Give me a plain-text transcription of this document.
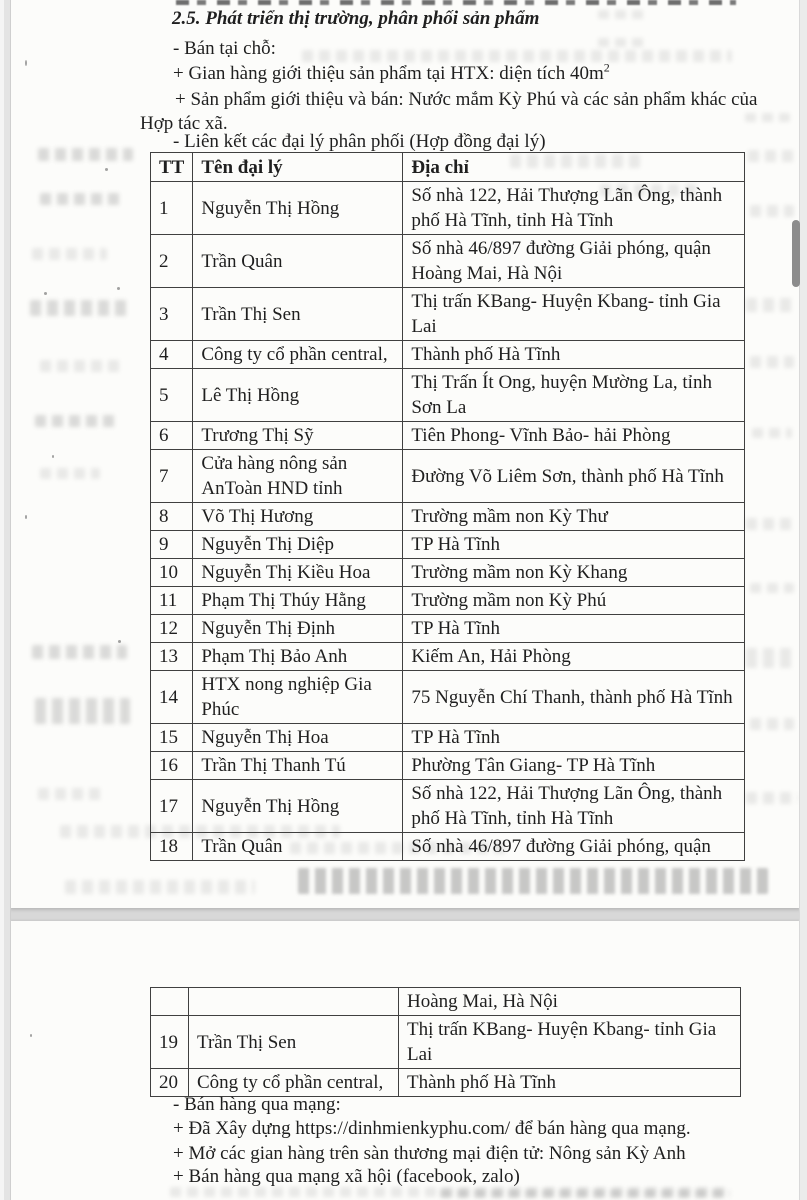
2.5. Phát triển thị trường, phân phối sản phẩm
- Bán tại chỗ:
+ Gian hàng giới thiệu sản phẩm tại HTX: diện tích $40m^2$

+ Sản phẩm giới thiệu và bán: Nước mắm Kỳ Phú và các sản phẩm khác của Hợp tác xã.

- Liên kết các đại lý phân phối (Hợp đồng đại lý)
TT	Tên đại lý	Địa chỉ
1	Nguyễn Thị Hồng	Số nhà 122, Hải Thượng Lãn Ông, thành phố Hà Tĩnh, tỉnh Hà Tĩnh
2	Trần Quân	Số nhà 46/897 đường Giải phóng, quận Hoàng Mai, Hà Nội
3	Trần Thị Sen	Thị trấn KBang- Huyện Kbang- tỉnh Gia Lai
4	Công ty cổ phần central,	Thành phố Hà Tĩnh
5	Lê Thị Hồng	Thị Trấn Ít Ong, huyện Mường La, tỉnh Sơn La
6	Trương Thị Sỹ	Tiên Phong- Vĩnh Bảo- hải Phòng
7	Cửa hàng nông sản AnToàn HND tỉnh	Đường Võ Liêm Sơn, thành phố Hà Tĩnh
8	Võ Thị Hương	Trường mầm non Kỳ Thư
9	Nguyễn Thị Diệp	TP Hà Tĩnh
10	Nguyễn Thị Kiều Hoa	Trường mầm non Kỳ Khang
11	Phạm Thị Thúy Hằng	Trường mầm non Kỳ Phú
12	Nguyễn Thị Định	TP Hà Tĩnh
13	Phạm Thị Bảo Anh	Kiếm An, Hải Phòng
14	HTX nong nghiệp Gia Phúc	75 Nguyễn Chí Thanh, thành phố Hà Tĩnh
15	Nguyễn Thị Hoa	TP Hà Tĩnh
16	Trần Thị Thanh Tú	Phường Tân Giang- TP Hà Tĩnh
17	Nguyễn Thị Hồng	Số nhà 122, Hải Thượng Lãn Ông, thành phố Hà Tĩnh, tỉnh Hà Tĩnh
18	Trần Quân	Số nhà 46/897 đường Giải phóng, quận
		Hoàng Mai, Hà Nội
19	Trần Thị Sen	Thị trấn KBang- Huyện Kbang- tỉnh Gia Lai
20	Công ty cổ phần central,	Thành phố Hà Tĩnh
- Bán hàng qua mạng:
+ Đã Xây dựng https://dinhmienkyphu.com/ để bán hàng qua mạng.
+ Mở các gian hàng trên sàn thương mại điện tử: Nông sản Kỳ Anh
+ Bán hàng qua mạng xã hội (facebook, zalo)
